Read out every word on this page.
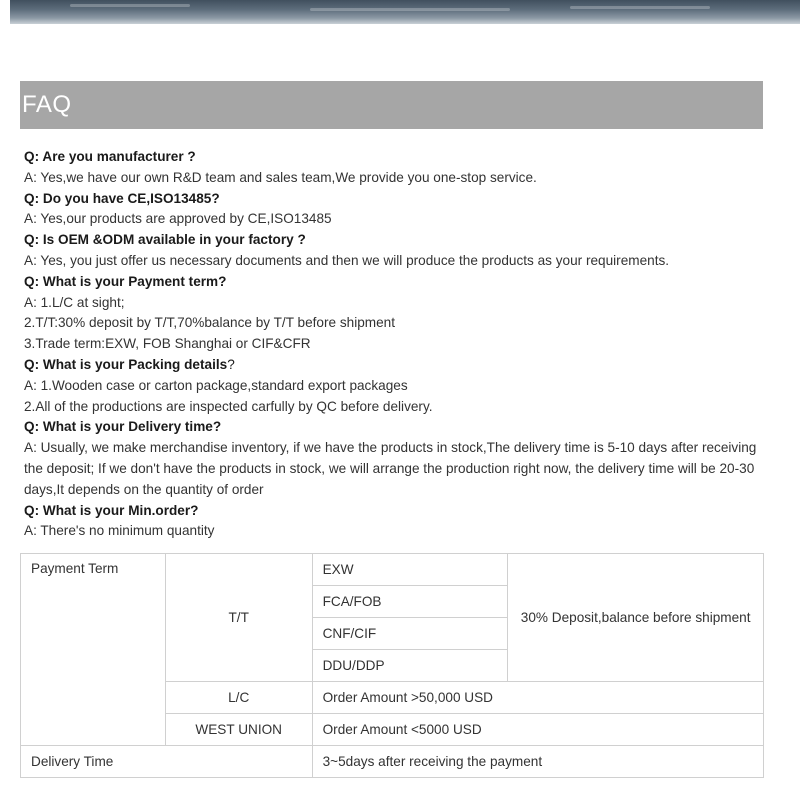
FAQ
Q: Are you manufacturer ?
A: Yes,we have our own R&D team and sales team,We provide you one-stop service.
Q: Do you have CE,ISO13485?
A: Yes,our products are approved by CE,ISO13485
Q: Is OEM &ODM available in your factory ?
A: Yes, you just offer us necessary documents and then we will produce the products as your requirements.
Q: What is your Payment term?
A: 1.L/C at sight;
2.T/T:30% deposit by T/T,70%balance by T/T before shipment
3.Trade term:EXW, FOB Shanghai or CIF&CFR
Q: What is your Packing details?
A: 1.Wooden case or carton package,standard export packages
2.All of the productions are inspected carfully by QC before delivery.
Q: What is your Delivery time?
A: Usually, we make merchandise inventory, if we have the products in stock,The delivery time is 5-10 days after receiving the deposit; If we don't have the products in stock, we will arrange the production right now, the delivery time will be 20-30 days,It depends on the quantity of order
Q: What is your Min.order?
A: There's no minimum quantity
Payment Term	T/T	EXW	30% Deposit,balance before shipment
		FCA/FOB	
		CNF/CIF	
		DDU/DDP	
	L/C	Order Amount >50,000 USD	
	WEST UNION	Order Amount <5000 USD	
Delivery Time		3~5days after receiving the payment	
